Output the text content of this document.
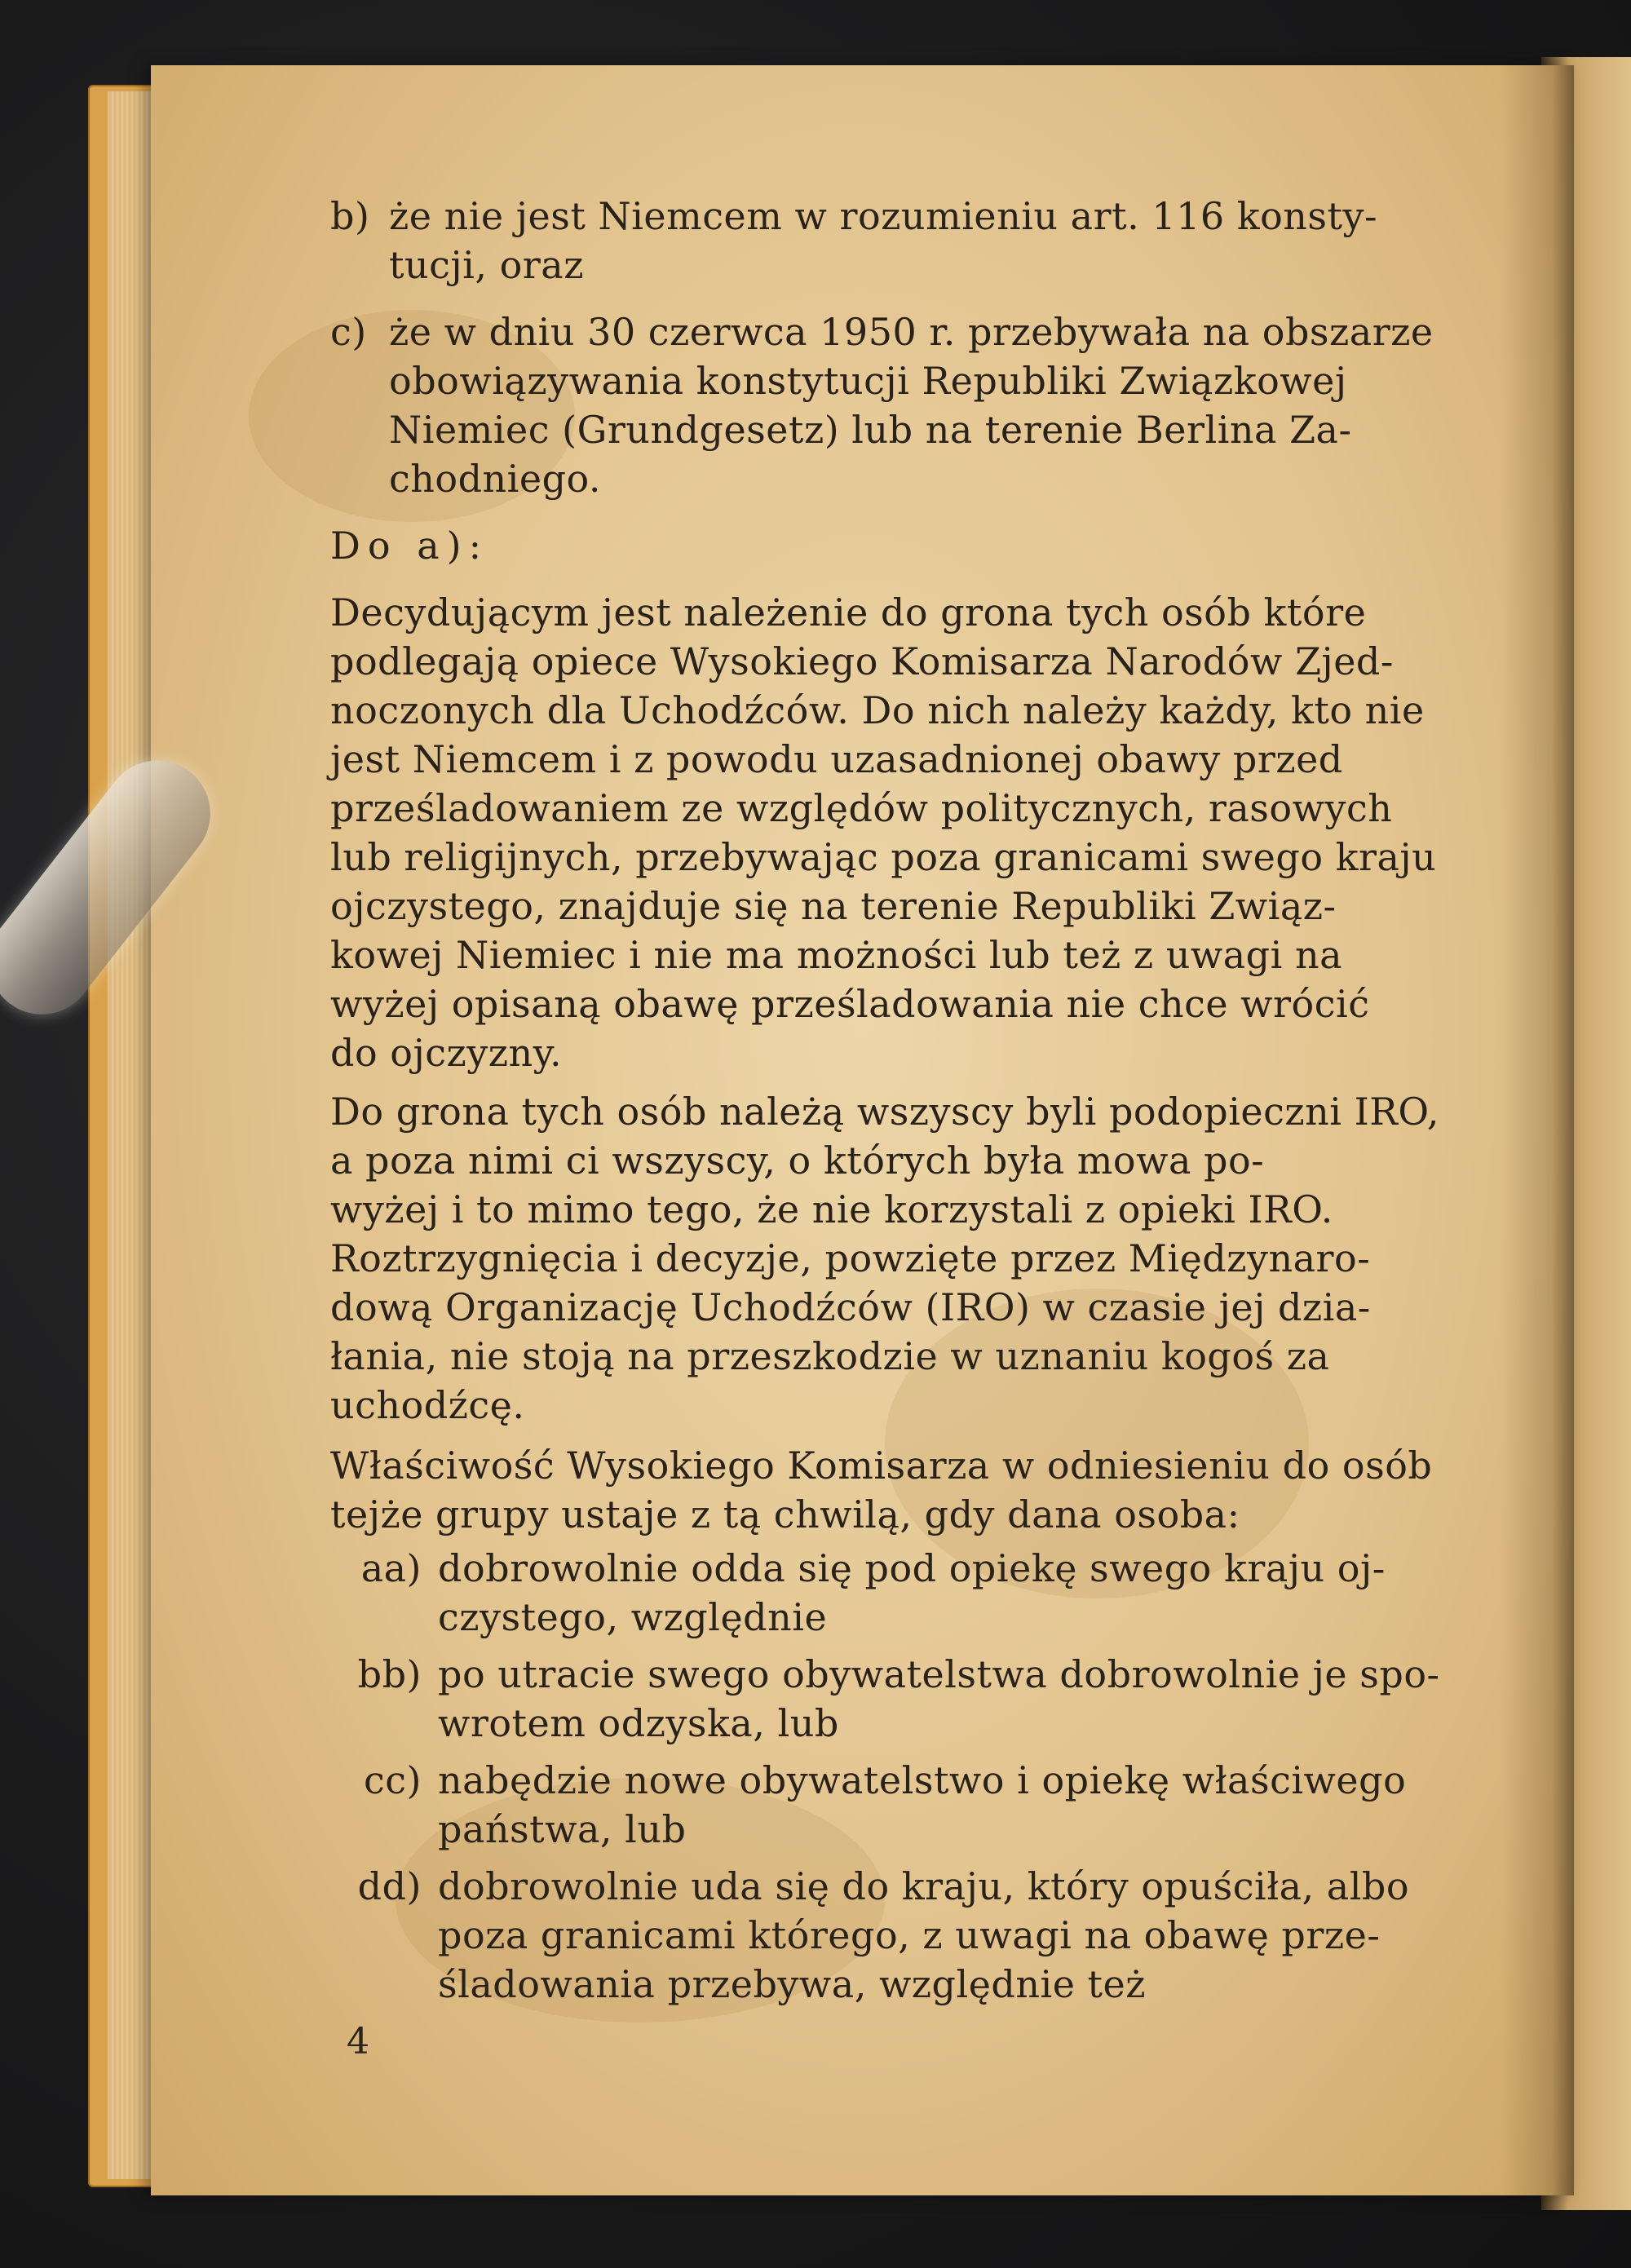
b) że nie jest Niemcem w rozumieniu art. 116 konsty-
tucji, oraz
c) że w dniu 30 czerwca 1950 r. przebywała na obszarze
obowiązywania konstytucji Republiki Związkowej
Niemiec (Grundgesetz) lub na terenie Berlina Za-
chodniego.
Do a):
Decydującym jest należenie do grona tych osób które
podlegają opiece Wysokiego Komisarza Narodów Zjed-
noczonych dla Uchodźców. Do nich należy każdy, kto nie
jest Niemcem i z powodu uzasadnionej obawy przed
prześladowaniem ze względów politycznych, rasowych
lub religijnych, przebywając poza granicami swego kraju
ojczystego, znajduje się na terenie Republiki Związ-
kowej Niemiec i nie ma możności lub też z uwagi na
wyżej opisaną obawę prześladowania nie chce wrócić
do ojczyzny.
Do grona tych osób należą wszyscy byli podopieczni IRO,
a poza nimi ci wszyscy, o których była mowa po-
wyżej i to mimo tego, że nie korzystali z opieki IRO.
Roztrzygnięcia i decyzje, powzięte przez Międzynaro-
dową Organizację Uchodźców (IRO) w czasie jej dzia-
łania, nie stoją na przeszkodzie w uznaniu kogoś za
uchodźcę.
Właściwość Wysokiego Komisarza w odniesieniu do osób
tejże grupy ustaje z tą chwilą, gdy dana osoba:
aa) dobrowolnie odda się pod opiekę swego kraju oj-
czystego, względnie
bb) po utracie swego obywatelstwa dobrowolnie je spo-
wrotem odzyska, lub
cc) nabędzie nowe obywatelstwo i opiekę właściwego
państwa, lub
dd) dobrowolnie uda się do kraju, który opuściła, albo
poza granicami którego, z uwagi na obawę prze-
śladowania przebywa, względnie też
4
